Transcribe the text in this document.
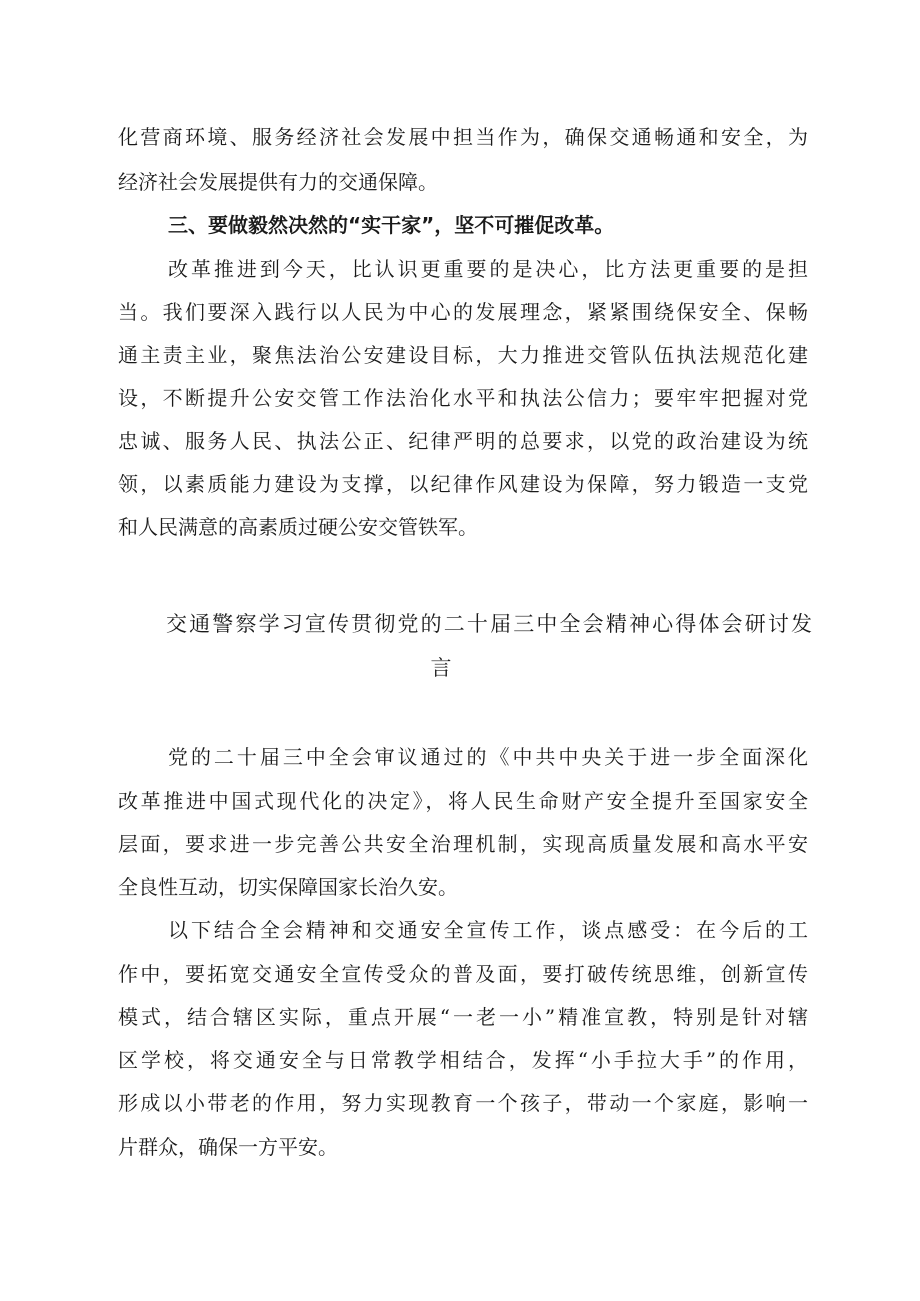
化营商环境、服务经济社会发展中担当作为，确保交通畅通和安全，为
经济社会发展提供有力的交通保障。
三、要做毅然决然的“实干家”，坚不可摧促改革。
改革推进到今天，比认识更重要的是决心，比方法更重要的是担
当。我们要深入践行以人民为中心的发展理念，紧紧围绕保安全、保畅
通主责主业，聚焦法治公安建设目标，大力推进交管队伍执法规范化建
设，不断提升公安交管工作法治化水平和执法公信力；要牢牢把握对党
忠诚、服务人民、执法公正、纪律严明的总要求，以党的政治建设为统
领，以素质能力建设为支撑，以纪律作风建设为保障，努力锻造一支党
和人民满意的高素质过硬公安交管铁军。
交通警察学习宣传贯彻党的二十届三中全会精神心得体会研讨发
言
党的二十届三中全会审议通过的《中共中央关于进一步全面深化
改革推进中国式现代化的决定》，将人民生命财产安全提升至国家安全
层面，要求进一步完善公共安全治理机制，实现高质量发展和高水平安
全良性互动，切实保障国家长治久安。
以下结合全会精神和交通安全宣传工作，谈点感受：在今后的工
作中，要拓宽交通安全宣传受众的普及面，要打破传统思维，创新宣传
模式，结合辖区实际，重点开展“一老一小”精准宣教，特别是针对辖
区学校，将交通安全与日常教学相结合，发挥“小手拉大手”的作用，
形成以小带老的作用，努力实现教育一个孩子，带动一个家庭，影响一
片群众，确保一方平安。
